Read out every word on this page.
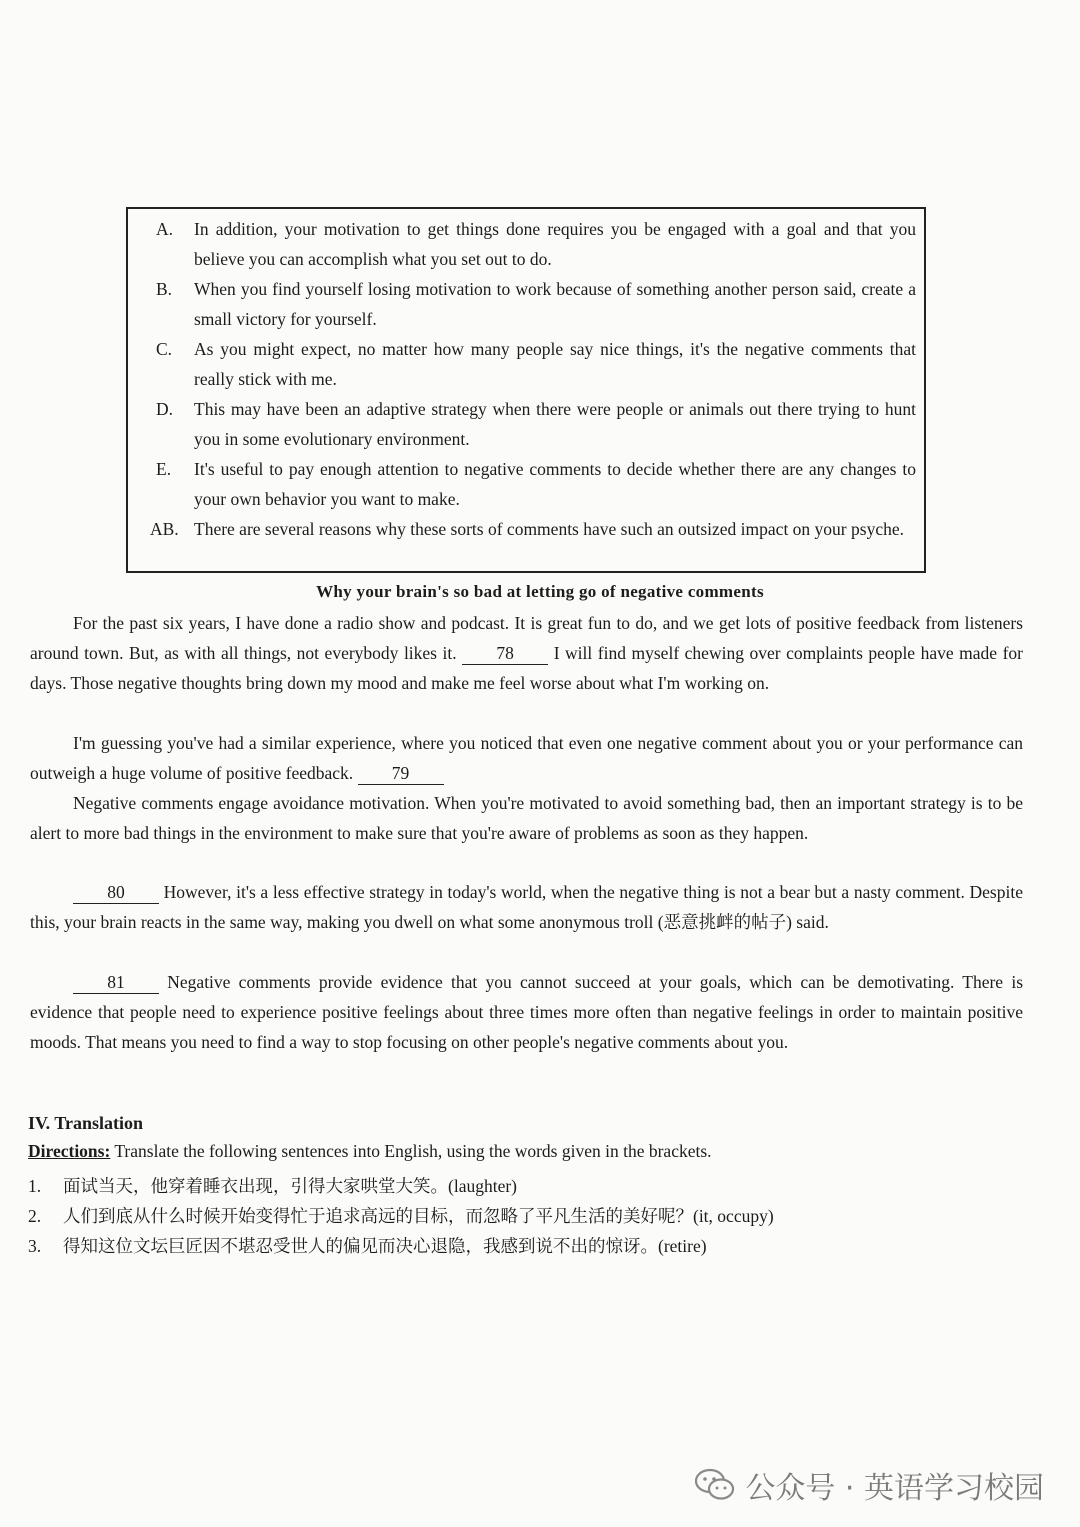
A. In addition, your motivation to get things done requires you be engaged with a goal and that you believe you can accomplish what you set out to do.
B. When you find yourself losing motivation to work because of something another person said, create a small victory for yourself.
C. As you might expect, no matter how many people say nice things, it's the negative comments that really stick with me.
D. This may have been an adaptive strategy when there were people or animals out there trying to hunt you in some evolutionary environment.
E. It's useful to pay enough attention to negative comments to decide whether there are any changes to your own behavior you want to make.
AB. There are several reasons why these sorts of comments have such an outsized impact on your psyche.
Why your brain's so bad at letting go of negative comments
For the past six years, I have done a radio show and podcast. It is great fun to do, and we get lots of positive feedback from listeners around town. But, as with all things, not everybody likes it. 78 I will find myself chewing over complaints people have made for days. Those negative thoughts bring down my mood and make me feel worse about what I'm working on.
I'm guessing you've had a similar experience, where you noticed that even one negative comment about you or your performance can outweigh a huge volume of positive feedback. 79
Negative comments engage avoidance motivation. When you're motivated to avoid something bad, then an important strategy is to be alert to more bad things in the environment to make sure that you're aware of problems as soon as they happen.
80 However, it's a less effective strategy in today's world, when the negative thing is not a bear but a nasty comment. Despite this, your brain reacts in the same way, making you dwell on what some anonymous troll (恶意挑衅的帖子) said.
81 Negative comments provide evidence that you cannot succeed at your goals, which can be demotivating. There is evidence that people need to experience positive feelings about three times more often than negative feelings in order to maintain positive moods. That means you need to find a way to stop focusing on other people's negative comments about you.
IV. Translation
Directions: Translate the following sentences into English, using the words given in the brackets.
1. 面试当天，他穿着睡衣出现，引得大家哄堂大笑。(laughter)
2. 人们到底从什么时候开始变得忙于追求高远的目标，而忽略了平凡生活的美好呢？(it, occupy)
3. 得知这位文坛巨匠因不堪忍受世人的偏见而决心退隐，我感到说不出的惊讶。(retire)
公众号 · 英语学习校园
